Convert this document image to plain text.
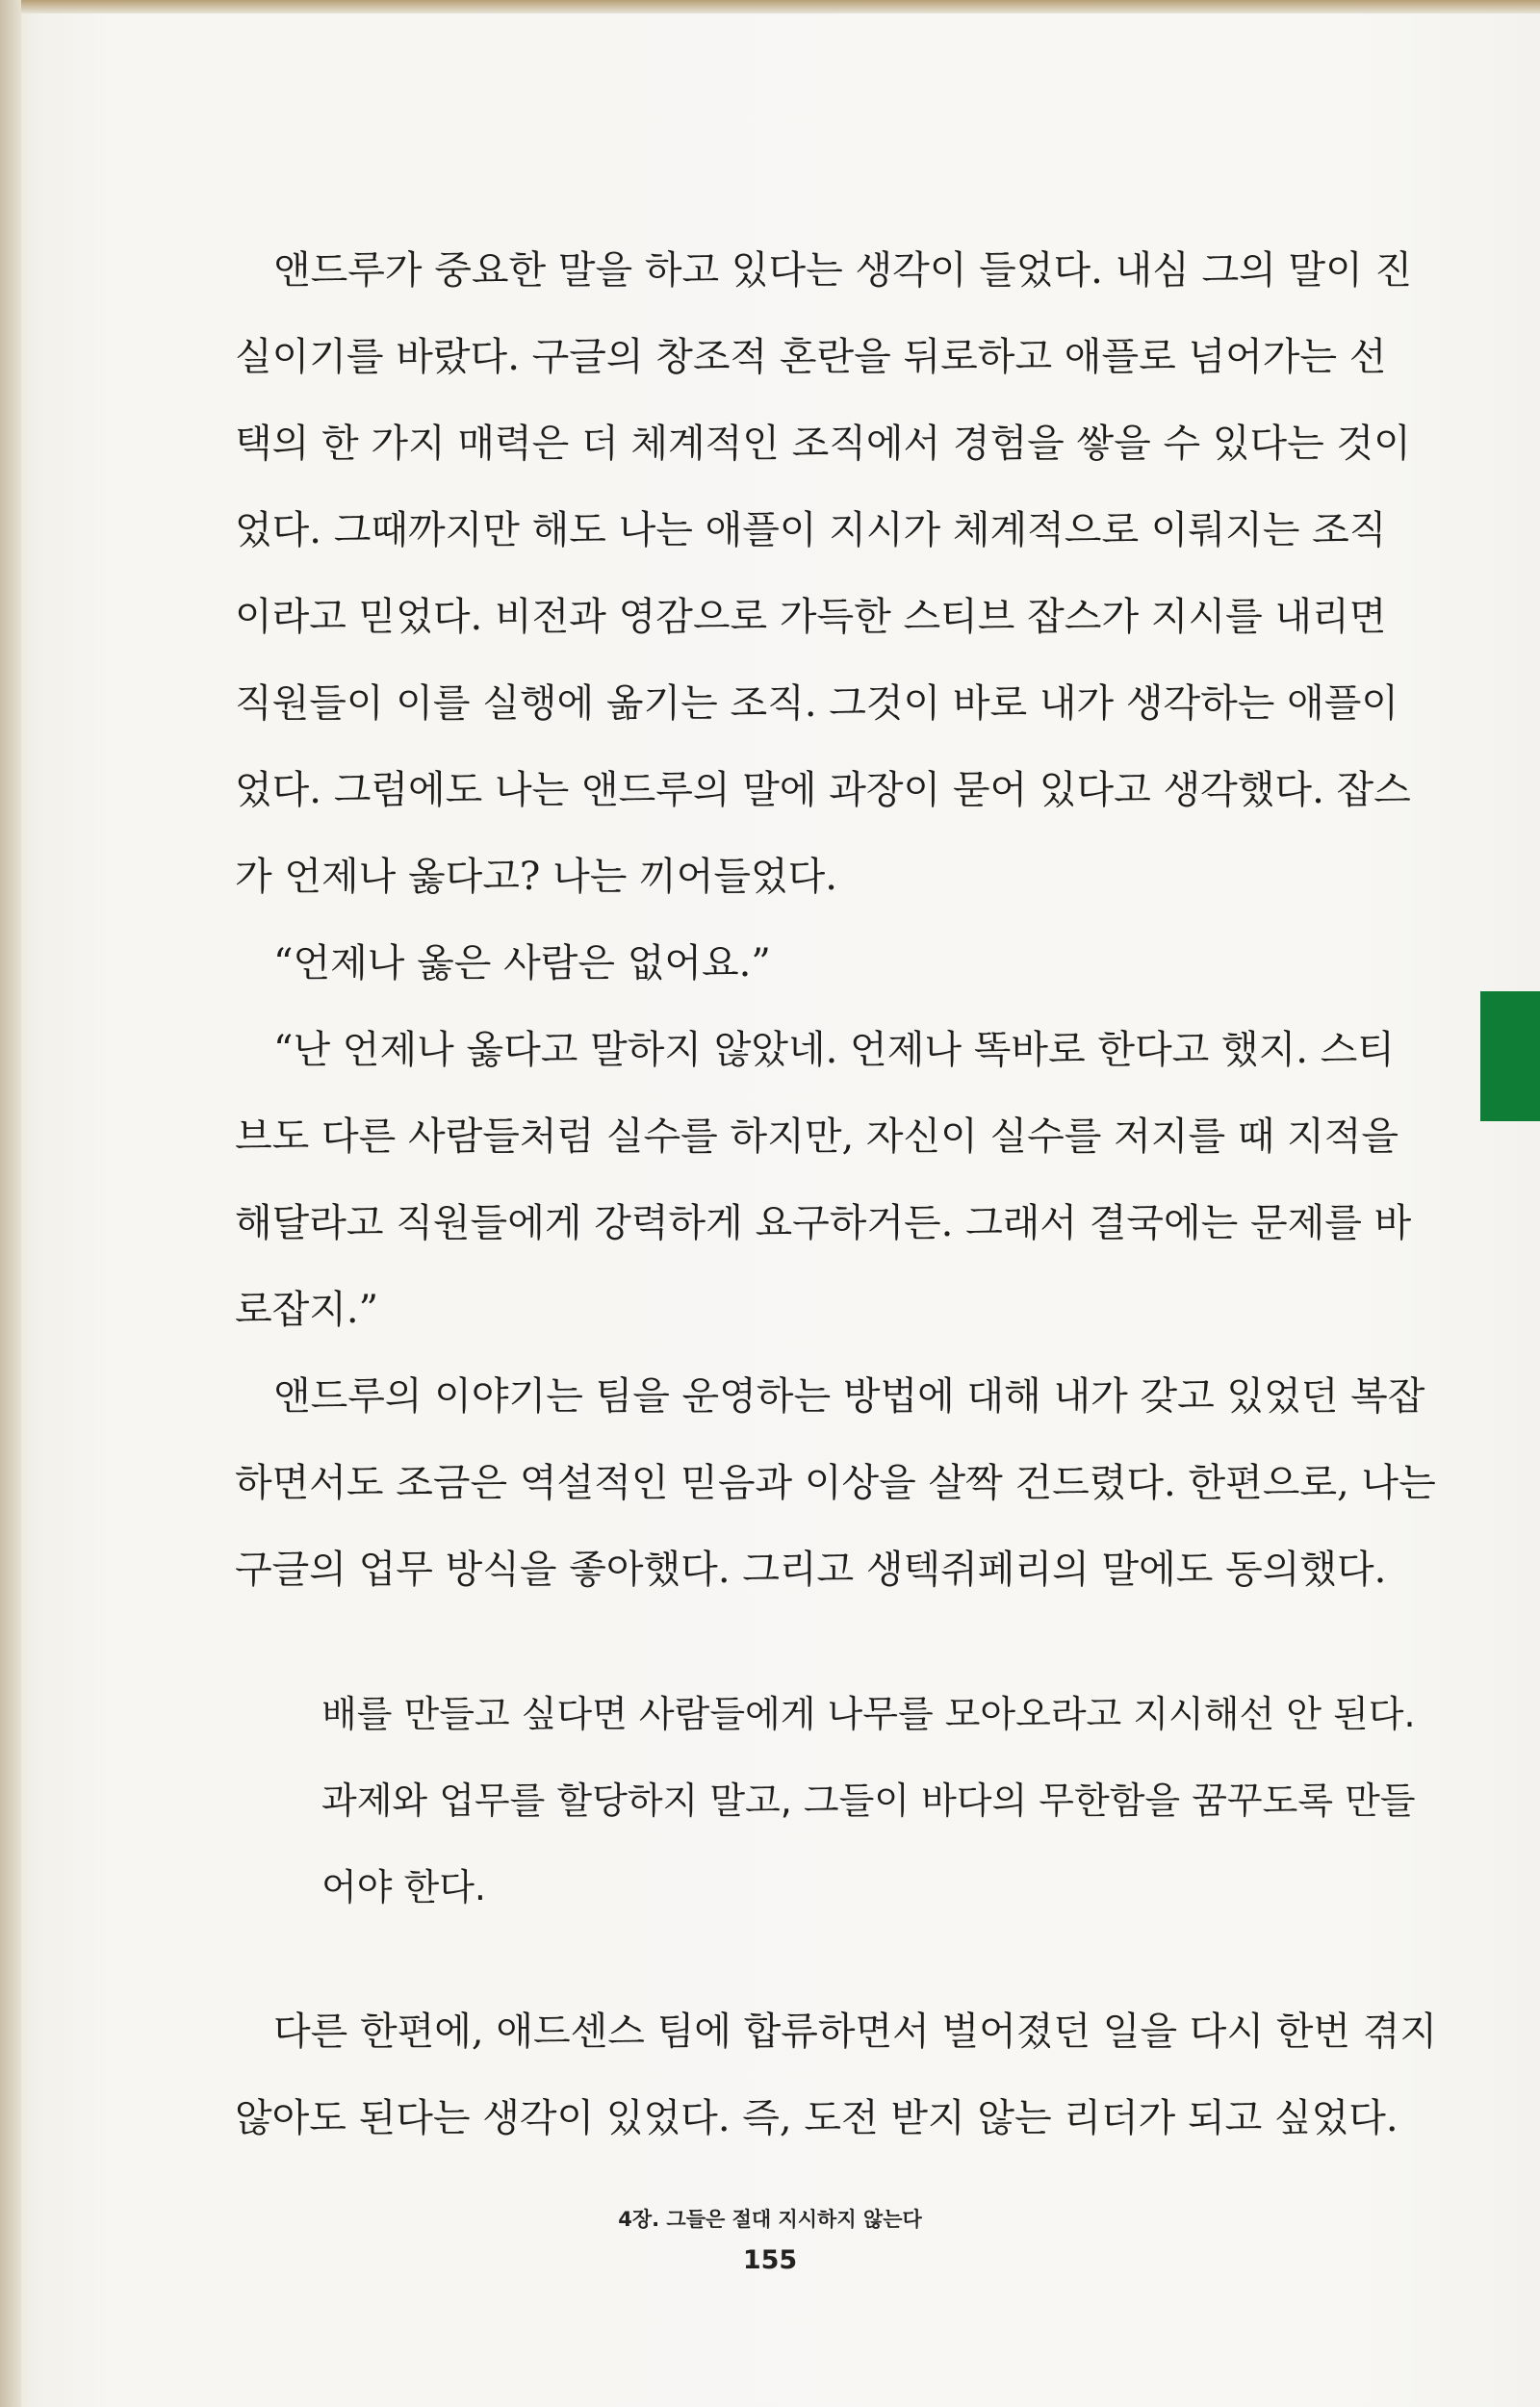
앤드루가 중요한 말을 하고 있다는 생각이 들었다. 내심 그의 말이 진
실이기를 바랐다. 구글의 창조적 혼란을 뒤로하고 애플로 넘어가는 선
택의 한 가지 매력은 더 체계적인 조직에서 경험을 쌓을 수 있다는 것이
었다. 그때까지만 해도 나는 애플이 지시가 체계적으로 이뤄지는 조직
이라고 믿었다. 비전과 영감으로 가득한 스티브 잡스가 지시를 내리면
직원들이 이를 실행에 옮기는 조직. 그것이 바로 내가 생각하는 애플이
었다. 그럼에도 나는 앤드루의 말에 과장이 묻어 있다고 생각했다. 잡스
가 언제나 옳다고? 나는 끼어들었다.
“언제나 옳은 사람은 없어요.”
“난 언제나 옳다고 말하지 않았네. 언제나 똑바로 한다고 했지. 스티
브도 다른 사람들처럼 실수를 하지만, 자신이 실수를 저지를 때 지적을
해달라고 직원들에게 강력하게 요구하거든. 그래서 결국에는 문제를 바
로잡지.”
앤드루의 이야기는 팀을 운영하는 방법에 대해 내가 갖고 있었던 복잡
하면서도 조금은 역설적인 믿음과 이상을 살짝 건드렸다. 한편으로, 나는
구글의 업무 방식을 좋아했다. 그리고 생텍쥐페리의 말에도 동의했다.
배를 만들고 싶다면 사람들에게 나무를 모아오라고 지시해선 안 된다.
과제와 업무를 할당하지 말고, 그들이 바다의 무한함을 꿈꾸도록 만들
어야 한다.
다른 한편에, 애드센스 팀에 합류하면서 벌어졌던 일을 다시 한번 겪지
않아도 된다는 생각이 있었다. 즉, 도전 받지 않는 리더가 되고 싶었다.
4장. 그들은 절대 지시하지 않는다
155
